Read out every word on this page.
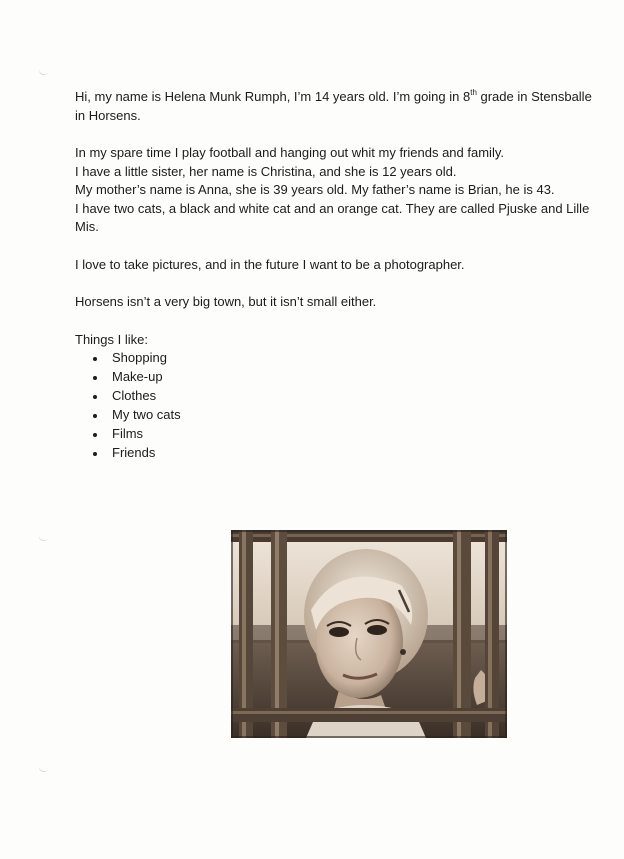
Hi, my name is Helena Munk Rumph, I’m 14 years old. I’m going in 8th grade in Stensballe

in Horsens.

In my spare time I play football and hanging out whit my friends and family.

I have a little sister, her name is Christina, and she is 12 years old.

My mother’s name is Anna, she is 39 years old. My father’s name is Brian, he is 43.

I have two cats, a black and white cat and an orange cat. They are called Pjuske and Lille

Mis.

I love to take pictures, and in the future I want to be a photographer.

Horsens isn’t a very big town, but it isn’t small either.

Things I like:

Shopping
Make-up
Clothes
My two cats
Films
Friends
